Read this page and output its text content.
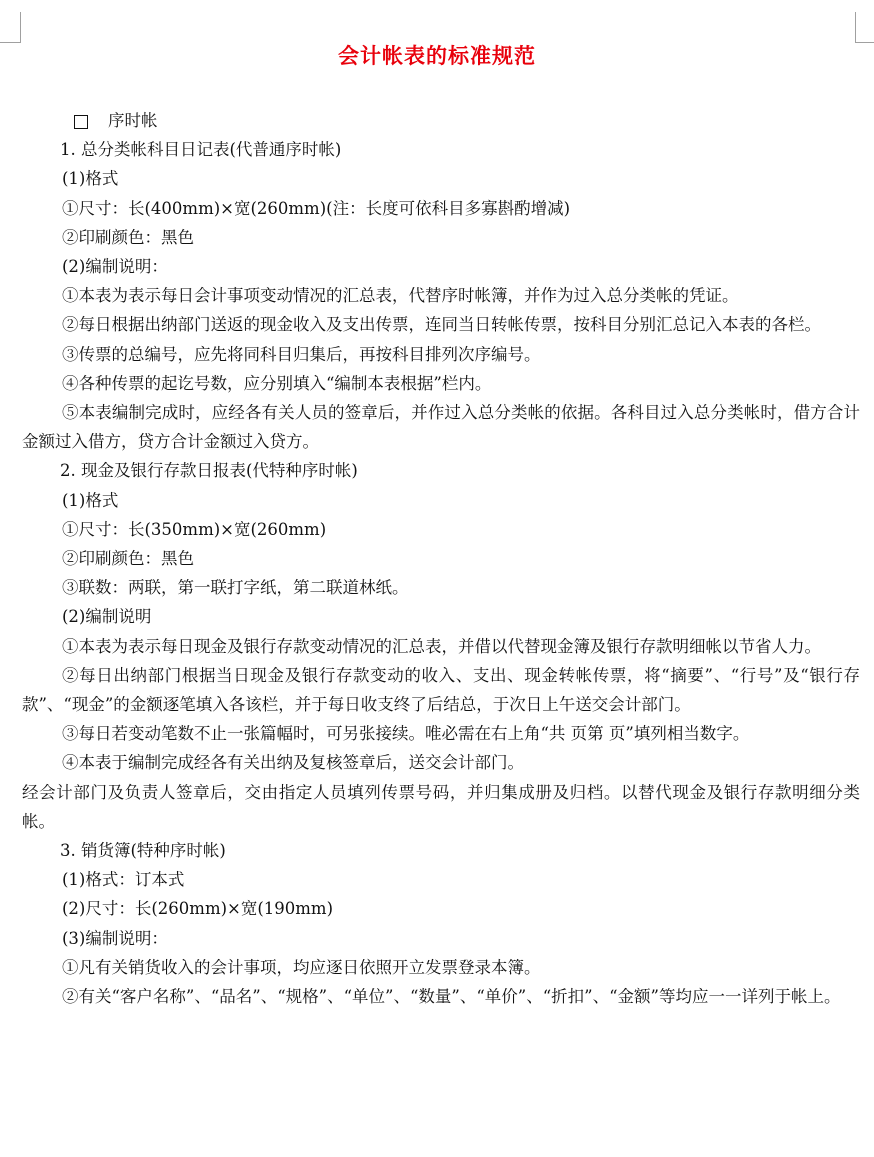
会计帐表的标准规范
序时帐

1. 总分类帐科目日记表(代普通序时帐)

(1)格式

①尺寸：长(400mm)×宽(260mm)(注：长度可依科目多寡斟酌增减)

②印刷颜色：黑色

(2)编制说明：

①本表为表示每日会计事项变动情况的汇总表，代替序时帐簿，并作为过入总分类帐的凭证。

②每日根据出纳部门送返的现金收入及支出传票，连同当日转帐传票，按科目分别汇总记入本表的各栏。

③传票的总编号，应先将同科目归集后，再按科目排列次序编号。

④各种传票的起讫号数，应分别填入“编制本表根据”栏内。

⑤本表编制完成时，应经各有关人员的签章后，并作过入总分类帐的依据。各科目过入总分类帐时，借方合计金额过入借方，贷方合计金额过入贷方。

2. 现金及银行存款日报表(代特种序时帐)

(1)格式

①尺寸：长(350mm)×宽(260mm)

②印刷颜色：黑色

③联数：两联，第一联打字纸，第二联道林纸。

(2)编制说明

①本表为表示每日现金及银行存款变动情况的汇总表，并借以代替现金簿及银行存款明细帐以节省人力。

②每日出纳部门根据当日现金及银行存款变动的收入、支出、现金转帐传票，将“摘要”、“行号”及“银行存款”、“现金”的金额逐笔填入各该栏，并于每日收支终了后结总，于次日上午送交会计部门。

③每日若变动笔数不止一张篇幅时，可另张接续。唯必需在右上角“共 页第 页”填列相当数字。

④本表于编制完成经各有关出纳及复核签章后，送交会计部门。

经会计部门及负责人签章后，交由指定人员填列传票号码，并归集成册及归档。以替代现金及银行存款明细分类帐。

3. 销货簿(特种序时帐)

(1)格式：订本式

(2)尺寸：长(260mm)×宽(190mm)

(3)编制说明：

①凡有关销货收入的会计事项，均应逐日依照开立发票登录本簿。

②有关“客户名称”、“品名”、“规格”、“单位”、“数量”、“单价”、“折扣”、“金额”等均应一一详列于帐上。
